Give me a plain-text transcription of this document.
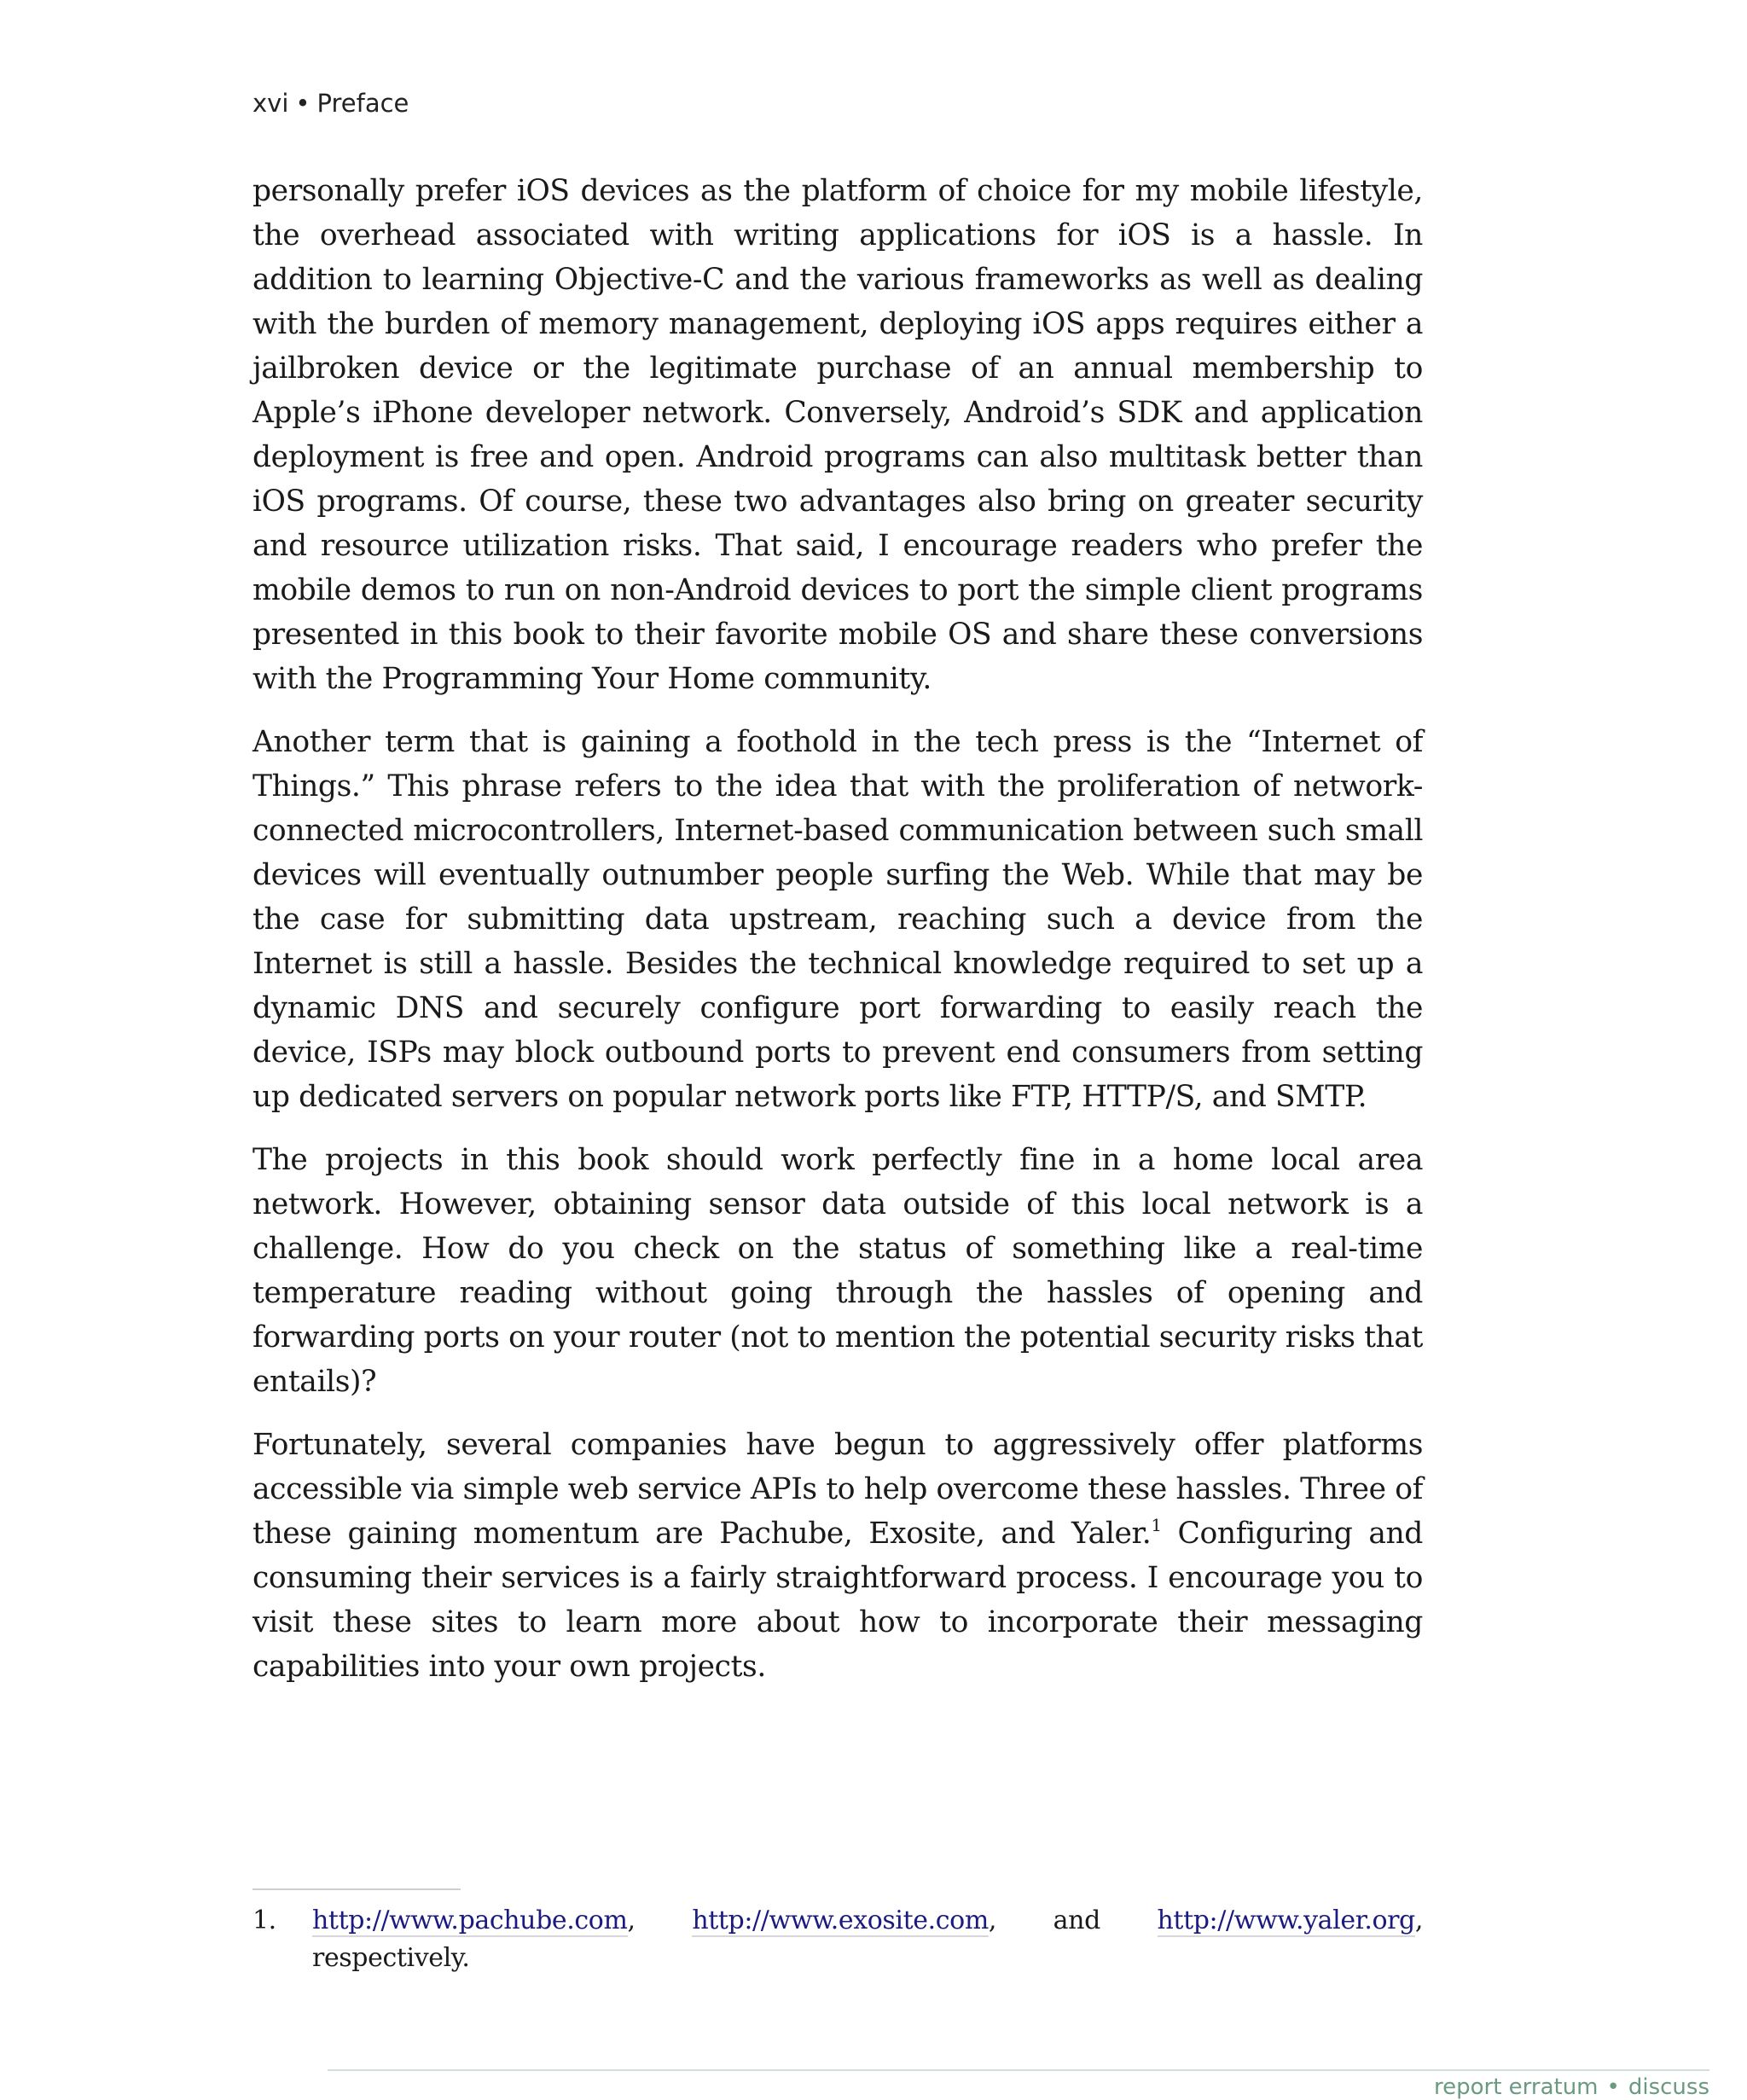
xvi • Preface

personally prefer iOS devices as the platform of choice for my mobile lifestyle, the overhead associated with writing applications for iOS is a hassle. In addition to learning Objective-C and the various frameworks as well as dealing with the burden of memory management, deploying iOS apps requires either a jailbroken device or the legitimate purchase of an annual membership to Apple’s iPhone developer network. Conversely, Android’s SDK and application deployment is free and open. Android programs can also multitask better than iOS programs. Of course, these two advantages also bring on greater security and resource utilization risks. That said, I encourage readers who prefer the mobile demos to run on non-Android devices to port the simple client programs presented in this book to their favorite mobile OS and share these conversions with the Programming Your Home community.

Another term that is gaining a foothold in the tech press is the “Internet of Things.” This phrase refers to the idea that with the proliferation of network-connected microcontrollers, Internet-based communication between such small devices will eventually outnumber people surfing the Web. While that may be the case for submitting data upstream, reaching such a device from the Internet is still a hassle. Besides the technical knowledge required to set up a dynamic DNS and securely configure port forwarding to easily reach the device, ISPs may block outbound ports to prevent end consumers from setting up dedicated servers on popular network ports like FTP, HTTP/S, and SMTP.

The projects in this book should work perfectly fine in a home local area network. However, obtaining sensor data outside of this local network is a challenge. How do you check on the status of something like a real-time temperature reading without going through the hassles of opening and forwarding ports on your router (not to mention the potential security risks that entails)?

Fortunately, several companies have begun to aggressively offer platforms accessible via simple web service APIs to help overcome these hassles. Three of these gaining momentum are Pachube, Exosite, and Yaler.$^1$ Configuring and consuming their services is a fairly straightforward process. I encourage you to visit these sites to learn more about how to incorporate their messaging capabilities into your own projects.

1. http://www.pachube.com, http://www.exosite.com, and http://www.yaler.org, respectively.
report erratum • discuss
